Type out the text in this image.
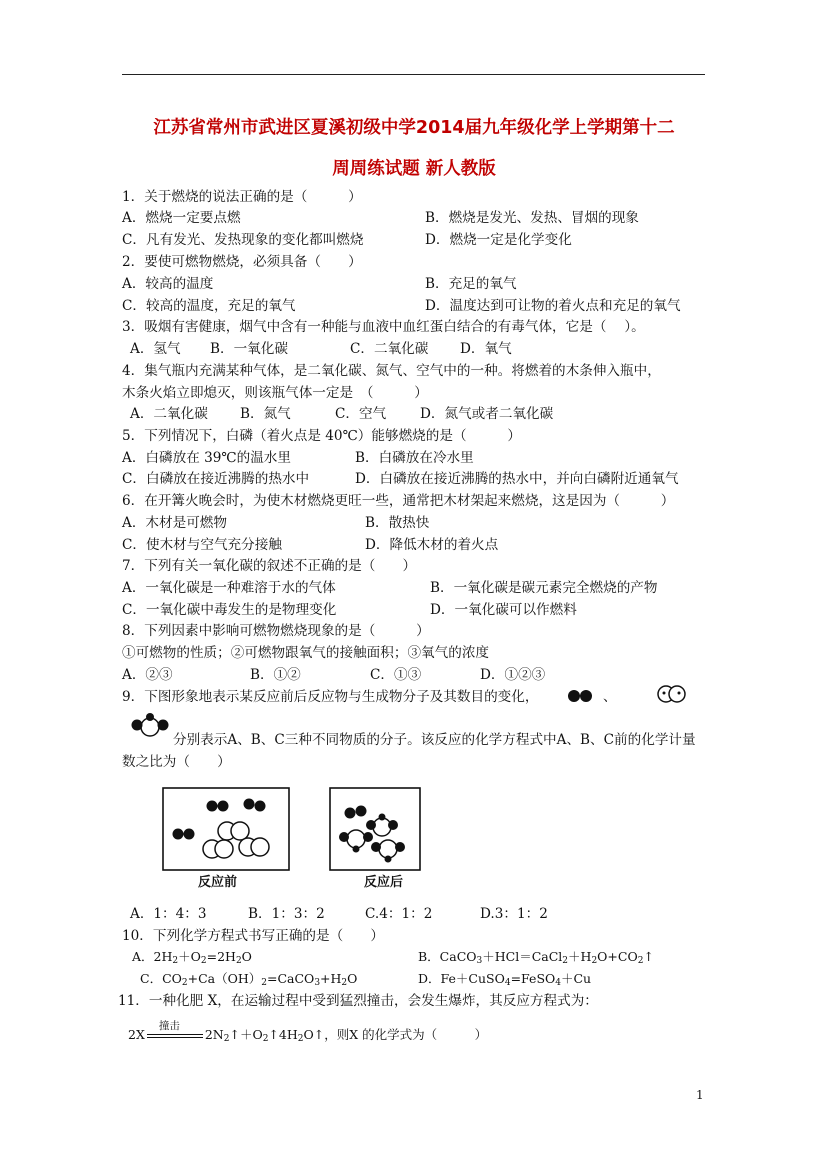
江苏省常州市武进区夏溪初级中学2014届九年级化学上学期第十二
周周练试题 新人教版
1．关于燃烧的说法正确的是（　　　）
A．燃烧一定要点燃	B．燃烧是发光、发热、冒烟的现象
C．凡有发光、发热现象的变化都叫燃烧	D．燃烧一定是化学变化
2．要使可燃物燃烧，必须具备（　　）
A．较高的温度	B．充足的氧气
C．较高的温度，充足的氧气	D．温度达到可让物的着火点和充足的氧气
3．吸烟有害健康，烟气中含有一种能与血液中血红蛋白结合的有毒气体，它是（　 ）。
A．氢气 B．一氧化碳	C．二氧化碳 D．氧气
4．集气瓶内充满某种气体，是二氧化碳、氮气、空气中的一种。将燃着的木条伸入瓶中，
木条火焰立即熄灭，则该瓶气体一定是　（　　　）
A．二氧化碳 B．氮气	C．空气 D．氮气或者二氧化碳
5．下列情况下，白磷（着火点是 40℃）能够燃烧的是（　　　）
A．白磷放在 39℃的温水里	B．白磷放在冷水里
C．白磷放在接近沸腾的热水中	D．白磷放在接近沸腾的热水中，并向白磷附近通氧气
6．在开篝火晚会时，为使木材燃烧更旺一些，通常把木材架起来燃烧，这是因为（　　　）
A．木材是可燃物	B．散热快
C．使木材与空气充分接触	D．降低木材的着火点
7．下列有关一氧化碳的叙述不正确的是（　　）
A．一氧化碳是一种难溶于水的气体	B．一氧化碳是碳元素完全燃烧的产物
C．一氧化碳中毒发生的是物理变化	D．一氧化碳可以作燃料
8．下列因素中影响可燃物燃烧现象的是（　　　）
①可燃物的性质；②可燃物跟氧气的接触面积；③氧气的浓度
A．②③	B．①②	C．①③	D．①②③
9．下图形象地表示某反应前后反应物与生成物分子及其数目的变化，	、
分别表示A、B、C三种不同物质的分子。该反应的化学方程式中A、B、C前的化学计量
数之比为（　　）
反应前	反应后
A．1：4：3	B．1：3：2	C.4：1：2	D.3：1：2
10．下列化学方程式书写正确的是（　　）
A．$2H_2+O_2=2H_2O$	B．$CaCO_3+HCl=CaCl_2+H_2O+CO_2↑$
C．$CO_2+Ca(OH)_2=CaCO_3+H_2O$	D．Fe＋CuSO$_4$=FeSO$_4$＋Cu
11．一种化肥 X，在运输过程中受到猛烈撞击，会发生爆炸，其反应方程式为：
2X
撞击
$2N_2↑+O_2↑4H_2O↑$，则X 的化学式为（　　　）
1
